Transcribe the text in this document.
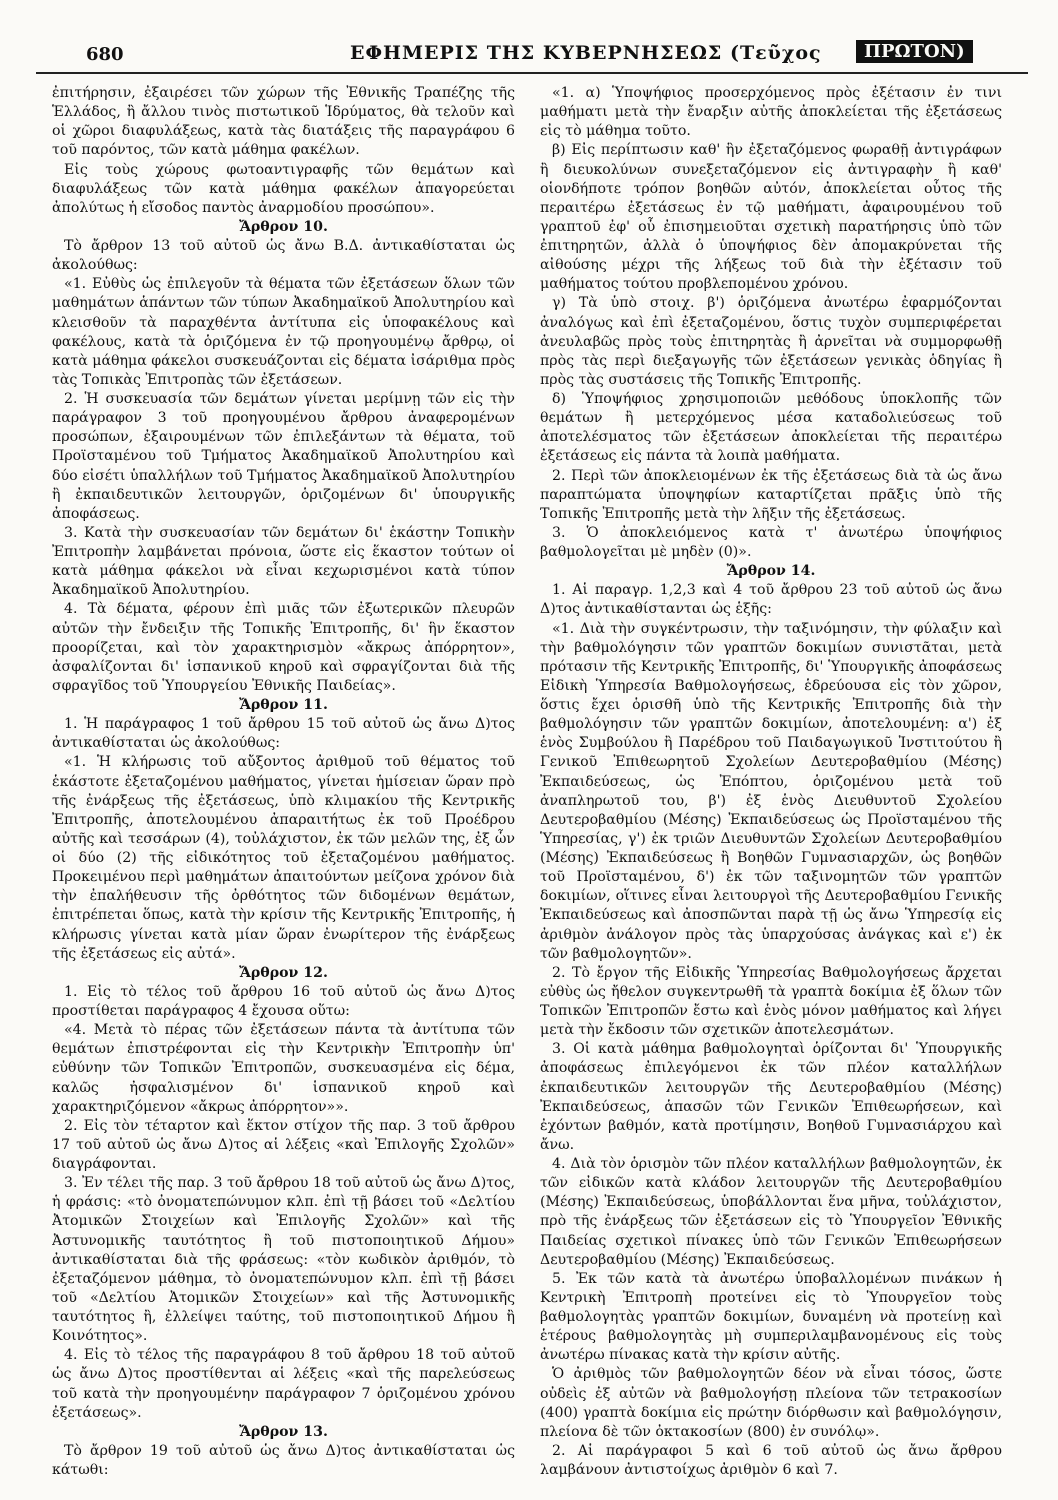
680	ΕΦΗΜΕΡΙΣ ΤΗΣ ΚΥΒΕΡΝΗΣΕΩΣ (Τεῦχος	ΠΡΩΤΟΝ)

ἐπιτήρησιν, ἐξαιρέσει τῶν χώρων τῆς Ἐθνικῆς Τραπέζης τῆς Ἑλλάδος, ἢ ἄλλου τινὸς πιστωτικοῦ Ἱδρύματος, θὰ τελοῦν καὶ οἱ χῶροι διαφυλάξεως, κατὰ τὰς διατάξεις τῆς παραγράφου 6 τοῦ παρόντος, τῶν κατὰ μάθημα φακέλων.

Εἰς τοὺς χώρους φωτοαντιγραφῆς τῶν θεμάτων καὶ διαφυλάξεως τῶν κατὰ μάθημα φακέλων ἀπαγορεύεται ἀπολύτως ἡ εἴσοδος παντὸς ἀναρμοδίου προσώπου».

Ἄρθρον 10.

Τὸ ἄρθρον 13 τοῦ αὐτοῦ ὡς ἄνω Β.Δ. ἀντικαθίσταται ὡς ἀκολούθως:

«1. Εὐθὺς ὡς ἐπιλεγοῦν τὰ θέματα τῶν ἐξετάσεων ὅλων τῶν μαθημάτων ἁπάντων τῶν τύπων Ἀκαδημαϊκοῦ Ἀπολυτηρίου καὶ κλεισθοῦν τὰ παραχθέντα ἀντίτυπα εἰς ὑποφακέλους καὶ φακέλους, κατὰ τὰ ὁριζόμενα ἐν τῷ προηγουμένῳ ἄρθρῳ, οἱ κατὰ μάθημα φάκελοι συσκευάζονται εἰς δέματα ἰσάριθμα πρὸς τὰς Τοπικὰς Ἐπιτροπὰς τῶν ἐξετάσεων.

2. Ἡ συσκευασία τῶν δεμάτων γίνεται μερίμνῃ τῶν εἰς τὴν παράγραφον 3 τοῦ προηγουμένου ἄρθρου ἀναφερομένων προσώπων, ἐξαιρουμένων τῶν ἐπιλεξάντων τὰ θέματα, τοῦ Προϊσταμένου τοῦ Τμήματος Ἀκαδημαϊκοῦ Ἀπολυτηρίου καὶ δύο εἰσέτι ὑπαλλήλων τοῦ Τμήματος Ἀκαδημαϊκοῦ Ἀπολυτηρίου ἢ ἐκπαιδευτικῶν λειτουργῶν, ὁριζομένων δι' ὑπουργικῆς ἀποφάσεως.

3. Κατὰ τὴν συσκευασίαν τῶν δεμάτων δι' ἑκάστην Τοπικὴν Ἐπιτροπὴν λαμβάνεται πρόνοια, ὥστε εἰς ἕκαστον τούτων οἱ κατὰ μάθημα φάκελοι νὰ εἶναι κεχωρισμένοι κατὰ τύπον Ἀκαδημαϊκοῦ Ἀπολυτηρίου.

4. Τὰ δέματα, φέρουν ἐπὶ μιᾶς τῶν ἐξωτερικῶν πλευρῶν αὐτῶν τὴν ἔνδειξιν τῆς Τοπικῆς Ἐπιτροπῆς, δι' ἣν ἕκαστον προορίζεται, καὶ τὸν χαρακτηρισμὸν «ἄκρως ἀπόρρητον», ἀσφαλίζονται δι' ἱσπανικοῦ κηροῦ καὶ σφραγίζονται διὰ τῆς σφραγῖδος τοῦ Ὑπουργείου Ἐθνικῆς Παιδείας».

Ἄρθρον 11.

1. Ἡ παράγραφος 1 τοῦ ἄρθρου 15 τοῦ αὐτοῦ ὡς ἄνω Δ)τος ἀντικαθίσταται ὡς ἀκολούθως:

«1. Ἡ κλήρωσις τοῦ αὔξοντος ἀριθμοῦ τοῦ θέματος τοῦ ἑκάστοτε ἐξεταζομένου μαθήματος, γίνεται ἡμίσειαν ὥραν πρὸ τῆς ἐνάρξεως τῆς ἐξετάσεως, ὑπὸ κλιμακίου τῆς Κεντρικῆς Ἐπιτροπῆς, ἀποτελουμένου ἀπαραιτήτως ἐκ τοῦ Προέδρου αὐτῆς καὶ τεσσάρων (4), τοὐλάχιστον, ἐκ τῶν μελῶν της, ἐξ ὧν οἱ δύο (2) τῆς εἰδικότητος τοῦ ἐξεταζομένου μαθήματος. Προκειμένου περὶ μαθημάτων ἀπαιτούντων μείζονα χρόνον διὰ τὴν ἐπαλήθευσιν τῆς ὀρθότητος τῶν διδομένων θεμάτων, ἐπιτρέπεται ὅπως, κατὰ τὴν κρίσιν τῆς Κεντρικῆς Ἐπιτροπῆς, ἡ κλήρωσις γίνεται κατὰ μίαν ὥραν ἐνωρίτερον τῆς ἐνάρξεως τῆς ἐξετάσεως εἰς αὐτά».

Ἄρθρον 12.

1. Εἰς τὸ τέλος τοῦ ἄρθρου 16 τοῦ αὐτοῦ ὡς ἄνω Δ)τος προστίθεται παράγραφος 4 ἔχουσα οὕτω:

«4. Μετὰ τὸ πέρας τῶν ἐξετάσεων πάντα τὰ ἀντίτυπα τῶν θεμάτων ἐπιστρέφονται εἰς τὴν Κεντρικὴν Ἐπιτροπὴν ὑπ' εὐθύνην τῶν Τοπικῶν Ἐπιτροπῶν, συσκευασμένα εἰς δέμα, καλῶς ἠσφαλισμένον δι' ἱσπανικοῦ κηροῦ καὶ χαρακτηριζόμενον «ἄκρως ἀπόρρητον»».

2. Εἰς τὸν τέταρτον καὶ ἕκτον στίχον τῆς παρ. 3 τοῦ ἄρθρου 17 τοῦ αὐτοῦ ὡς ἄνω Δ)τος αἱ λέξεις «καὶ Ἐπιλογῆς Σχολῶν» διαγράφονται.

3. Ἐν τέλει τῆς παρ. 3 τοῦ ἄρθρου 18 τοῦ αὐτοῦ ὡς ἄνω Δ)τος, ἡ φράσις: «τὸ ὀνοματεπώνυμον κλπ. ἐπὶ τῇ βάσει τοῦ «Δελτίου Ἀτομικῶν Στοιχείων καὶ Ἐπιλογῆς Σχολῶν» καὶ τῆς Ἀστυνομικῆς ταυτότητος ἢ τοῦ πιστοποιητικοῦ Δήμου» ἀντικαθίσταται διὰ τῆς φράσεως: «τὸν κωδικὸν ἀριθμόν, τὸ ἐξεταζόμενον μάθημα, τὸ ὀνοματεπώνυμον κλπ. ἐπὶ τῇ βάσει τοῦ «Δελτίου Ἀτομικῶν Στοιχείων» καὶ τῆς Ἀστυνομικῆς ταυτότητος ἢ, ἐλλείψει ταύτης, τοῦ πιστοποιητικοῦ Δήμου ἢ Κοινότητος».

4. Εἰς τὸ τέλος τῆς παραγράφου 8 τοῦ ἄρθρου 18 τοῦ αὐτοῦ ὡς ἄνω Δ)τος προστίθενται αἱ λέξεις «καὶ τῆς παρελεύσεως τοῦ κατὰ τὴν προηγουμένην παράγραφον 7 ὁριζομένου χρόνου ἐξετάσεως».

Ἄρθρον 13.

Τὸ ἄρθρον 19 τοῦ αὐτοῦ ὡς ἄνω Δ)τος ἀντικαθίσταται ὡς κάτωθι:

«1. α) Ὑποψήφιος προσερχόμενος πρὸς ἐξέτασιν ἐν τινι μαθήματι μετὰ τὴν ἔναρξιν αὐτῆς ἀποκλείεται τῆς ἐξετάσεως εἰς τὸ μάθημα τοῦτο.

β) Εἰς περίπτωσιν καθ' ἣν ἐξεταζόμενος φωραθῇ ἀντιγράφων ἢ διευκολύνων συνεξεταζόμενον εἰς ἀντιγραφὴν ἢ καθ' οἱονδήποτε τρόπον βοηθῶν αὐτόν, ἀποκλείεται οὗτος τῆς περαιτέρω ἐξετάσεως ἐν τῷ μαθήματι, ἀφαιρουμένου τοῦ γραπτοῦ ἐφ' οὗ ἐπισημειοῦται σχετικὴ παρατήρησις ὑπὸ τῶν ἐπιτηρητῶν, ἀλλὰ ὁ ὑποψήφιος δὲν ἀπομακρύνεται τῆς αἰθούσης μέχρι τῆς λήξεως τοῦ διὰ τὴν ἐξέτασιν τοῦ μαθήματος τούτου προβλεπομένου χρόνου.

γ) Τὰ ὑπὸ στοιχ. β') ὁριζόμενα ἀνωτέρω ἐφαρμόζονται ἀναλόγως καὶ ἐπὶ ἐξεταζομένου, ὅστις τυχὸν συμπεριφέρεται ἀνευλαβῶς πρὸς τοὺς ἐπιτηρητὰς ἢ ἀρνεῖται νὰ συμμορφωθῇ πρὸς τὰς περὶ διεξαγωγῆς τῶν ἐξετάσεων γενικὰς ὁδηγίας ἢ πρὸς τὰς συστάσεις τῆς Τοπικῆς Ἐπιτροπῆς.

δ) Ὑποψήφιος χρησιμοποιῶν μεθόδους ὑποκλοπῆς τῶν θεμάτων ἢ μετερχόμενος μέσα καταδολιεύσεως τοῦ ἀποτελέσματος τῶν ἐξετάσεων ἀποκλείεται τῆς περαιτέρω ἐξετάσεως εἰς πάντα τὰ λοιπὰ μαθήματα.

2. Περὶ τῶν ἀποκλειομένων ἐκ τῆς ἐξετάσεως διὰ τὰ ὡς ἄνω παραπτώματα ὑποψηφίων καταρτίζεται πρᾶξις ὑπὸ τῆς Τοπικῆς Ἐπιτροπῆς μετὰ τὴν λῆξιν τῆς ἐξετάσεως.

3. Ὁ ἀποκλειόμενος κατὰ τ' ἀνωτέρω ὑποψήφιος βαθμολογεῖται μὲ μηδὲν (0)».

Ἄρθρον 14.

1. Αἱ παραγρ. 1,2,3 καὶ 4 τοῦ ἄρθρου 23 τοῦ αὐτοῦ ὡς ἄνω Δ)τος ἀντικαθίστανται ὡς ἑξῆς:

«1. Διὰ τὴν συγκέντρωσιν, τὴν ταξινόμησιν, τὴν φύλαξιν καὶ τὴν βαθμολόγησιν τῶν γραπτῶν δοκιμίων συνιστᾶται, μετὰ πρότασιν τῆς Κεντρικῆς Ἐπιτροπῆς, δι' Ὑπουργικῆς ἀποφάσεως Εἰδικὴ Ὑπηρεσία Βαθμολογήσεως, ἑδρεύουσα εἰς τὸν χῶρον, ὅστις ἔχει ὁρισθῆ ὑπὸ τῆς Κεντρικῆς Ἐπιτροπῆς διὰ τὴν βαθμολόγησιν τῶν γραπτῶν δοκιμίων, ἀποτελουμένη: α') ἐξ ἑνὸς Συμβούλου ἢ Παρέδρου τοῦ Παιδαγωγικοῦ Ἰνστιτούτου ἢ Γενικοῦ Ἐπιθεωρητοῦ Σχολείων Δευτεροβαθμίου (Μέσης) Ἐκπαιδεύσεως, ὡς Ἐπόπτου, ὁριζομένου μετὰ τοῦ ἀναπληρωτοῦ του, β') ἐξ ἑνὸς Διευθυντοῦ Σχολείου Δευτεροβαθμίου (Μέσης) Ἐκπαιδεύσεως ὡς Προϊσταμένου τῆς Ὑπηρεσίας, γ') ἐκ τριῶν Διευθυντῶν Σχολείων Δευτεροβαθμίου (Μέσης) Ἐκπαιδεύσεως ἢ Βοηθῶν Γυμνασιαρχῶν, ὡς βοηθῶν τοῦ Προϊσταμένου, δ') ἐκ τῶν ταξινομητῶν τῶν γραπτῶν δοκιμίων, οἵτινες εἶναι λειτουργοὶ τῆς Δευτεροβαθμίου Γενικῆς Ἐκπαιδεύσεως καὶ ἀποσπῶνται παρὰ τῇ ὡς ἄνω Ὑπηρεσίᾳ εἰς ἀριθμὸν ἀνάλογον πρὸς τὰς ὑπαρχούσας ἀνάγκας καὶ ε') ἐκ τῶν βαθμολογητῶν».

2. Τὸ ἔργον τῆς Εἰδικῆς Ὑπηρεσίας Βαθμολογήσεως ἄρχεται εὐθὺς ὡς ἤθελον συγκεντρωθῆ τὰ γραπτὰ δοκίμια ἐξ ὅλων τῶν Τοπικῶν Ἐπιτροπῶν ἔστω καὶ ἑνὸς μόνον μαθήματος καὶ λήγει μετὰ τὴν ἔκδοσιν τῶν σχετικῶν ἀποτελεσμάτων.

3. Οἱ κατὰ μάθημα βαθμολογηταὶ ὁρίζονται δι' Ὑπουργικῆς ἀποφάσεως ἐπιλεγόμενοι ἐκ τῶν πλέον καταλλήλων ἐκπαιδευτικῶν λειτουργῶν τῆς Δευτεροβαθμίου (Μέσης) Ἐκπαιδεύσεως, ἁπασῶν τῶν Γενικῶν Ἐπιθεωρήσεων, καὶ ἐχόντων βαθμόν, κατὰ προτίμησιν, Βοηθοῦ Γυμνασιάρχου καὶ ἄνω.

4. Διὰ τὸν ὁρισμὸν τῶν πλέον καταλλήλων βαθμολογητῶν, ἐκ τῶν εἰδικῶν κατὰ κλάδον λειτουργῶν τῆς Δευτεροβαθμίου (Μέσης) Ἐκπαιδεύσεως, ὑποβάλλονται ἕνα μῆνα, τοὐλάχιστον, πρὸ τῆς ἐνάρξεως τῶν ἐξετάσεων εἰς τὸ Ὑπουργεῖον Ἐθνικῆς Παιδείας σχετικοὶ πίνακες ὑπὸ τῶν Γενικῶν Ἐπιθεωρήσεων Δευτεροβαθμίου (Μέσης) Ἐκπαιδεύσεως.

5. Ἐκ τῶν κατὰ τὰ ἀνωτέρω ὑποβαλλομένων πινάκων ἡ Κεντρικὴ Ἐπιτροπὴ προτείνει εἰς τὸ Ὑπουργεῖον τοὺς βαθμολογητὰς γραπτῶν δοκιμίων, δυναμένη νὰ προτείνῃ καὶ ἑτέρους βαθμολογητὰς μὴ συμπεριλαμβανομένους εἰς τοὺς ἀνωτέρω πίνακας κατὰ τὴν κρίσιν αὐτῆς.

Ὁ ἀριθμὸς τῶν βαθμολογητῶν δέον νὰ εἶναι τόσος, ὥστε οὐδεὶς ἐξ αὐτῶν νὰ βαθμολογήσῃ πλείονα τῶν τετρακοσίων (400) γραπτὰ δοκίμια εἰς πρώτην διόρθωσιν καὶ βαθμολόγησιν, πλείονα δὲ τῶν ὀκτακοσίων (800) ἐν συνόλῳ».

2. Αἱ παράγραφοι 5 καὶ 6 τοῦ αὐτοῦ ὡς ἄνω ἄρθρου λαμβάνουν ἀντιστοίχως ἀριθμὸν 6 καὶ 7.
